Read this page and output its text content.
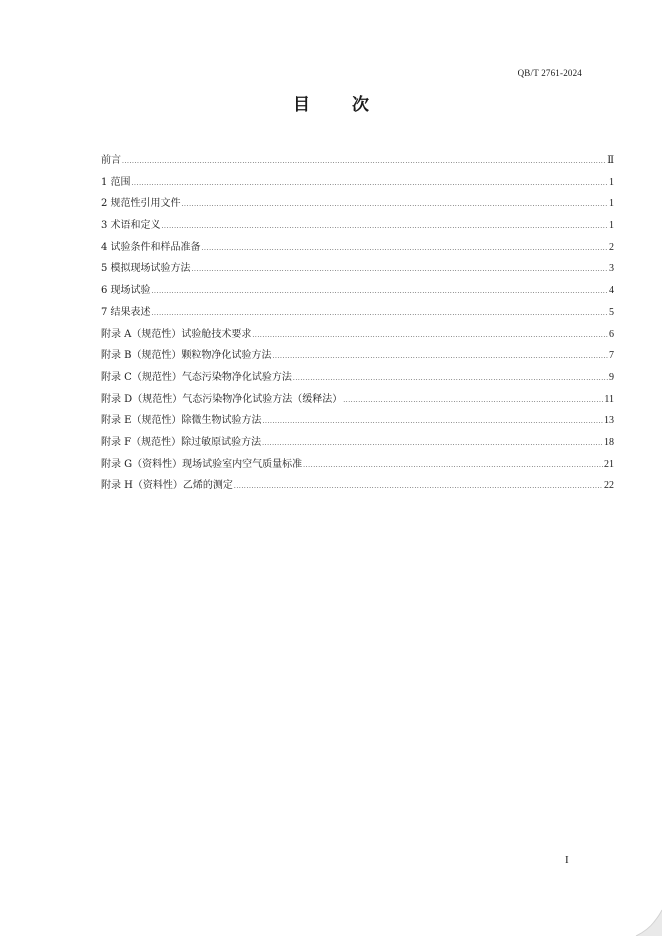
QB/T 2761-2024
目 次
前言 .....	Ⅱ
1 范围 .....	1
2 规范性引用文件 .....	1
3 术语和定义 .....	1
4 试验条件和样品准备 .....	2
5 模拟现场试验方法 .....	3
6 现场试验 .....	4
7 结果表述 .....	5
附录 A（规范性）试验舱技术要求 .....	6
附录 B（规范性）颗粒物净化试验方法 .....	7
附录 C（规范性）气态污染物净化试验方法 .....	9
附录 D（规范性）气态污染物净化试验方法（缓释法） .....	11
附录 E（规范性）除微生物试验方法 .....	13
附录 F（规范性）除过敏原试验方法 .....	18
附录 G（资料性）现场试验室内空气质量标准 .....	21
附录 H（资料性）乙烯的测定 .....	22
I
